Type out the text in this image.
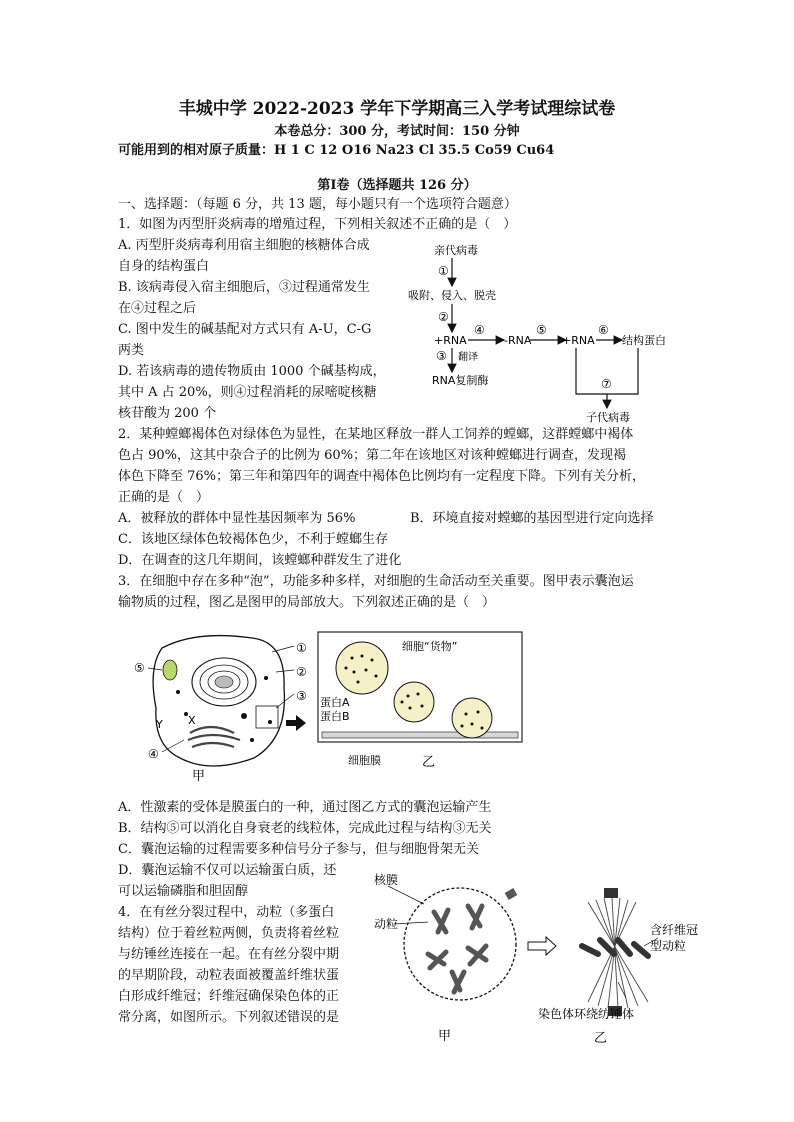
丰城中学 2022-2023 学年下学期高三入学考试理综试卷
本卷总分：300 分，考试时间：150 分钟
可能用到的相对原子质量：H 1 C 12 O16 Na23 Cl 35.5 Co59 Cu64
第Ⅰ卷（选择题共 126 分）
一、选择题：（每题 6 分，共 13 题，每小题只有一个选项符合题意）
1．如图为丙型肝炎病毒的增殖过程，下列相关叙述不正确的是（　）
A. 丙型肝炎病毒利用宿主细胞的核糖体合成
自身的结构蛋白
B. 该病毒侵入宿主细胞后，③过程通常发生
在④过程之后
C. 图中发生的碱基配对方式只有 A-U，C-G
两类
D. 若该病毒的遗传物质由 1000 个碱基构成，
其中 A 占 20%，则④过程消耗的尿嘧啶核糖
核苷酸为 200 个
亲代病毒
①
吸附、侵入、脱壳
②
+RNA
④
-RNA
⑤
+RNA
⑥
结构蛋白
③ 翻译
RNA复制酶	⑦
子代病毒
2．某种螳螂褐体色对绿体色为显性，在某地区释放一群人工饲养的螳螂，这群螳螂中褐体
色占 90%，这其中杂合子的比例为 60%；第二年在该地区对该种螳螂进行调查，发现褐
体色下降至 76%；第三年和第四年的调查中褐体色比例均有一定程度下降。下列有关分析，
正确的是（　）
A．被释放的群体中显性基因频率为 56%	B．环境直接对螳螂的基因型进行定向选择
C．该地区绿体色较褐体色少，不利于螳螂生存
D．在调查的这几年期间，该螳螂种群发生了进化
3．在细胞中存在多种“泡”，功能多种多样，对细胞的生命活动至关重要。图甲表示囊泡运
输物质的过程，图乙是图甲的局部放大。下列叙述正确的是（　）
①
②
③
④
⑤
X
Y
甲
细胞“货物”
蛋白A
蛋白B
细胞膜	乙
A．性激素的受体是膜蛋白的一种，通过图乙方式的囊泡运输产生
B．结构⑤可以消化自身衰老的线粒体，完成此过程与结构③无关
C．囊泡运输的过程需要多种信号分子参与，但与细胞骨架无关
D．囊泡运输不仅可以运输蛋白质，还
可以运输磷脂和胆固醇
4．在有丝分裂过程中，动粒（多蛋白
结构）位于着丝粒两侧，负责将着丝粒
与纺锤丝连接在一起。在有丝分裂中期
的早期阶段，动粒表面被覆盖纤维状蛋
白形成纤维冠；纤维冠确保染色体的正
常分离，如图所示。下列叙述错误的是
核膜
动粒	含纤维冠
型动粒
染色体环绕纺锤体
甲	乙
